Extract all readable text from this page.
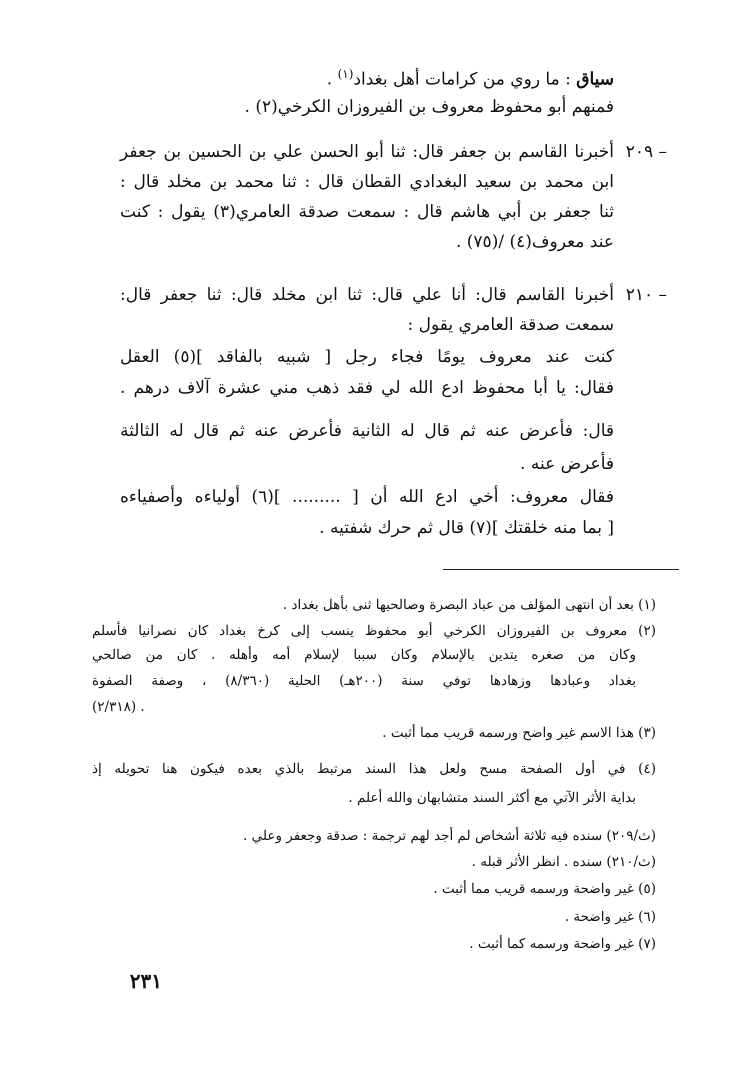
سياق : ما روي من كرامات أهل بغداد$^{(١)}$ .
فمنهم أبو محفوظ معروف بن الفيروزان الكرخي(٢) .
٢٠٩ –
أخبرنا القاسم بن جعفر قال: ثنا أبو الحسن علي بن الحسين بن جعفر
ابن محمد بن سعيد البغدادي القطان قال : ثنا محمد بن مخلد قال :
ثنا جعفر بن أبي هاشم قال : سمعت صدقة العامري(٣) يقول : كنت
عند معروف(٤) /(٧٥) .
٢١٠ –
أخبرنا القاسم قال: أنا علي قال: ثنا ابن مخلد قال: ثنا جعفر قال:
سمعت صدقة العامري يقول :
كنت عند معروف يومًا فجاء رجل [ شبيه بالفاقد ](٥) العقل
فقال: يا أبا محفوظ ادع الله لي فقد ذهب مني عشرة آلاف درهم .
قال: فأعرض عنه ثم قال له الثانية فأعرض عنه ثم قال له الثالثة
فأعرض عنه .
فقال معروف: أخي ادع الله أن [ ......... ](٦) أولياءه وأصفياءه
[ بما منه خلقتك ](٧) قال ثم حرك شفتيه .
(١) بعد أن انتهى المؤلف من عباد البصرة وصالحيها ثنى بأهل بغداد .
(٢) معروف بن الفيروزان الكرخي أبو محفوظ ينسب إلى كرخ بغداد كان نصرانيا فأسلم
وكان من صغره يتدين بالإسلام وكان سببا لإسلام أمه وأهله . كان من صالحي
بغداد وعبادها وزهادها توفي سنة (٢٠٠هـ) الحلية (٨/٣٦٠) ، وصفة الصفوة
(٢/٣١٨) .
(٣) هذا الاسم غير واضح ورسمه قريب مما أثبت .
(٤) في أول الصفحة مسح ولعل هذا السند مرتبط بالذي بعده فيكون هنا تحويله إذ
بداية الأثر الآتي مع أكثر السند متشابهان والله أعلم .
(ث/٢٠٩) سنده فيه ثلاثة أشخاص لم أجد لهم ترجمة : صدقة وجعفر وعلي .
(ث/٢١٠) سنده . انظر الأثر قبله .
(٥) غير واضحة ورسمه قريب مما أثبت .
(٦) غير واضحة .
(٧) غير واضحة ورسمه كما أثبت .
٢٣١
